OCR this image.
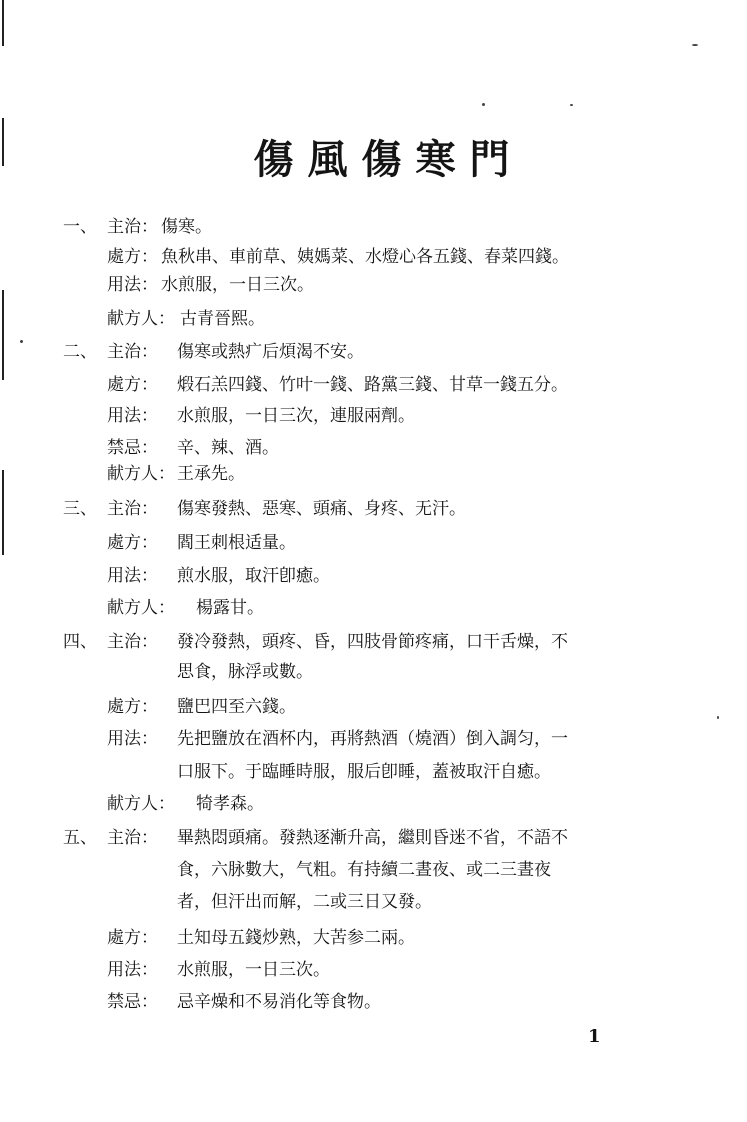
傷風傷寒門
一、 主治： 傷寒。
處方： 魚秋串、車前草、姨媽菜、水燈心各五錢、春菜四錢。
用法： 水煎服，一日三次。
献方人： 古青晉熙。
二、 主治： 傷寒或熱疒后煩渴不安。
處方： 煅石羔四錢、竹叶一錢、路黨三錢、甘草一錢五分。
用法： 水煎服，一日三次，連服兩劑。
禁忌： 辛、辣、酒。
献方人： 王承先。
三、 主治： 傷寒發熱、惡寒、頭痛、身疼、无汗。
處方： 閻王刺根适量。
用法： 煎水服，取汗卽癒。
献方人： 楊露甘。
四、 主治： 發冷發熱，頭疼、昏，四肢骨節疼痛，口干舌燥，不
思食，脉浮或數。
處方： 鹽巴四至六錢。
用法： 先把鹽放在酒杯内，再將熱酒（燒酒）倒入調匀，一
口服下。于臨睡時服，服后卽睡，蓋被取汗自癒。
献方人： 犄孝森。
五、 主治： 畢熱悶頭痛。發熱逐漸升高，繼則昏迷不省，不語不
食，六脉數大，气粗。有持續二晝夜、或二三晝夜
者，但汗出而解，二或三日又發。
處方： 土知母五錢炒熟，大苦参二兩。
用法： 水煎服，一日三次。
禁忌： 忌辛燥和不易消化等食物。
1
